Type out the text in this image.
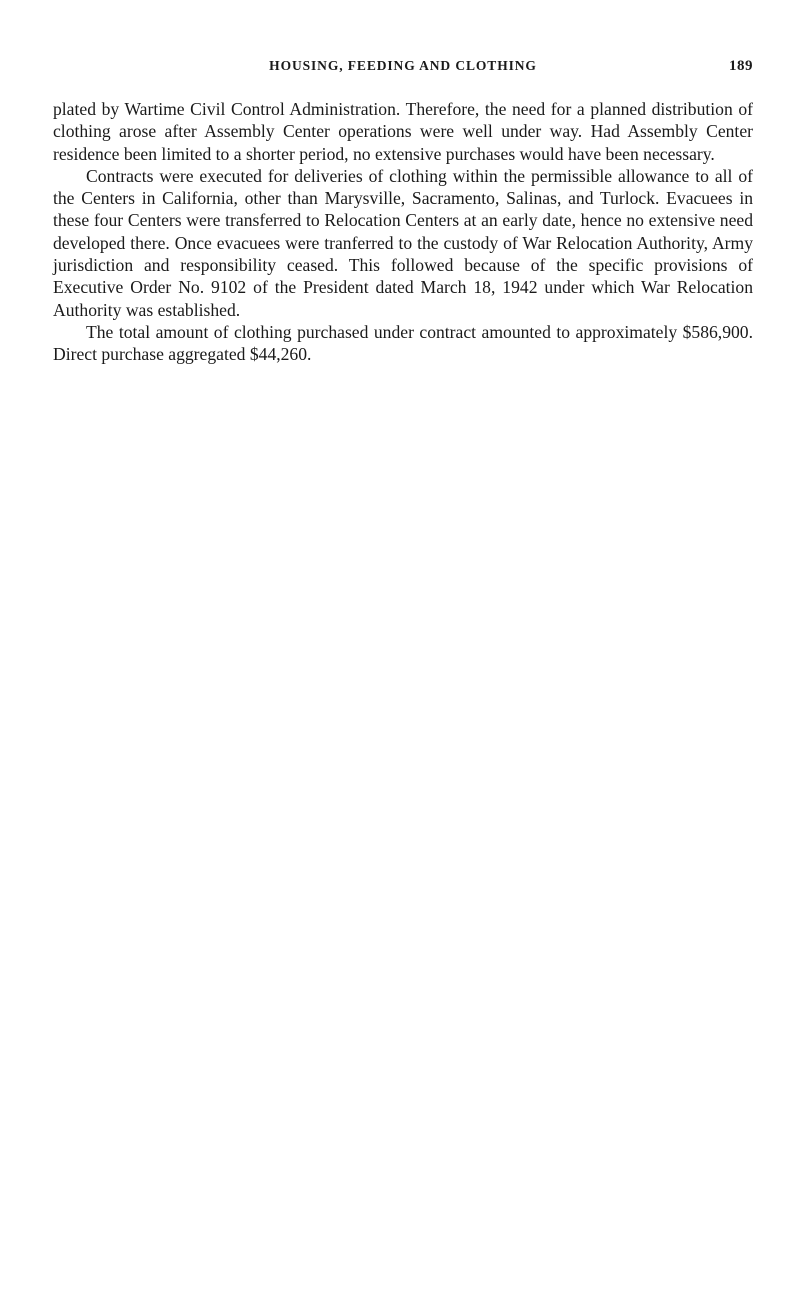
HOUSING, FEEDING AND CLOTHING	189

plated by Wartime Civil Control Administration. Therefore, the need for a planned distribution of clothing arose after Assembly Center operations were well under way. Had Assembly Center residence been limited to a shorter period, no extensive purchases would have been necessary.

Contracts were executed for deliveries of clothing within the permissible allowance to all of the Centers in California, other than Marysville, Sacramento, Salinas, and Turlock. Evacuees in these four Centers were transferred to Relocation Centers at an early date, hence no extensive need developed there. Once evacuees were tranferred to the custody of War Relocation Authority, Army jurisdiction and responsibility ceased. This followed because of the specific provisions of Executive Order No. 9102 of the President dated March 18, 1942 under which War Relocation Authority was established.

The total amount of clothing purchased under contract amounted to approximately $586,900. Direct purchase aggregated $44,260.
